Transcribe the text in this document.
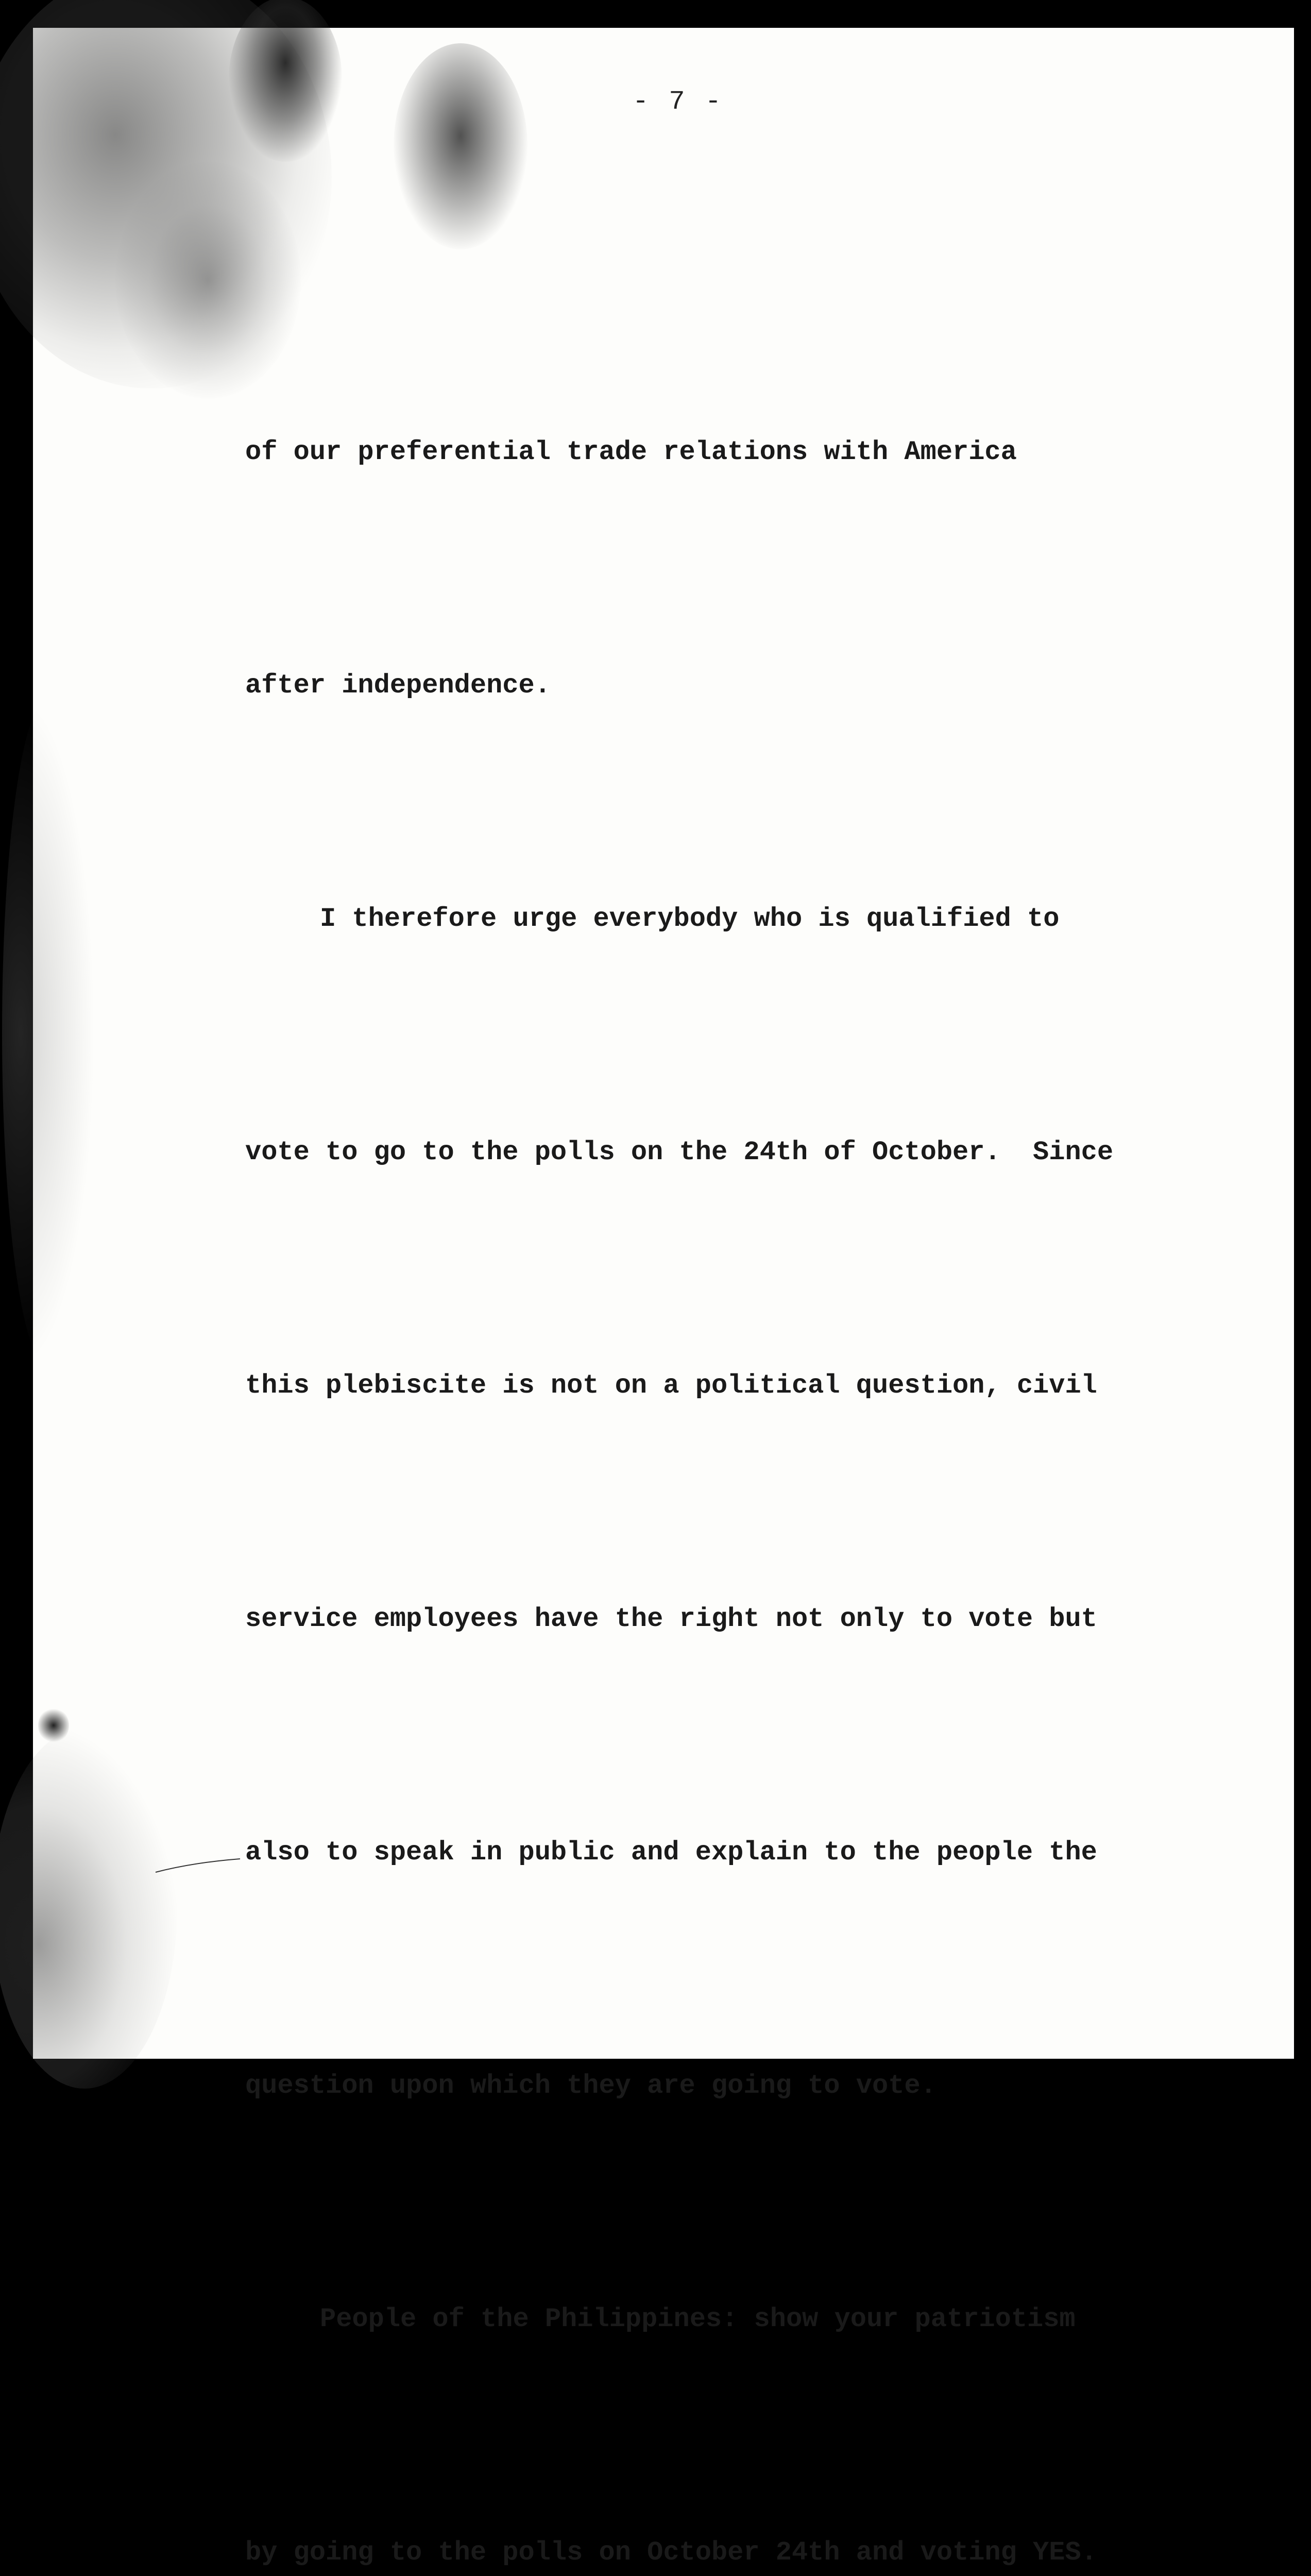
- 7 -

of our preferential trade relations with America

after independence.

I therefore urge everybody who is qualified to

vote to go to the polls on the 24th of October.  Since

this plebiscite is not on a political question, civil

service employees have the right not only to vote but

also to speak in public and explain to the people the

question upon which they are going to vote.

People of the Philippines: show your patriotism

by going to the polls on October 24th and voting YES.
